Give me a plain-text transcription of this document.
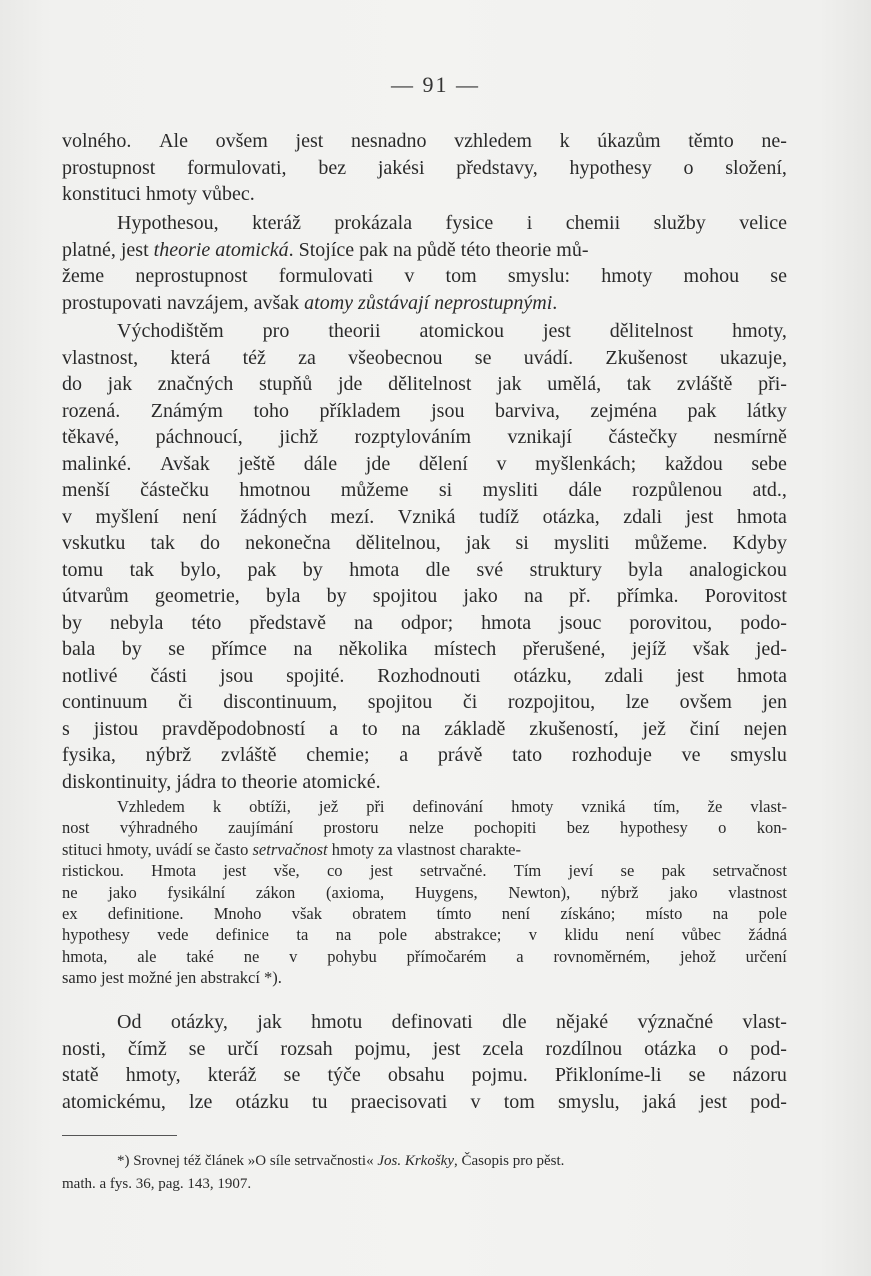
— 91 —
volného. Ale ovšem jest nesnadno vzhledem k úkazům těmto ne-
prostupnost formulovati, bez jakési představy, hypothesy o složení,
konstituci hmoty vůbec.
Hypothesou, kteráž prokázala fysice i chemii služby velice
platné, jest theorie atomická. Stojíce pak na půdě této theorie mů-
žeme neprostupnost formulovati v tom smyslu: hmoty mohou se
prostupovati navzájem, avšak atomy zůstávají neprostupnými.
Východištěm pro theorii atomickou jest dělitelnost hmoty,
vlastnost, která též za všeobecnou se uvádí. Zkušenost ukazuje,
do jak značných stupňů jde dělitelnost jak umělá, tak zvláště při-
rozená. Známým toho příkladem jsou barviva, zejména pak látky
těkavé, páchnoucí, jichž rozptylováním vznikají částečky nesmírně
malinké. Avšak ještě dále jde dělení v myšlenkách; každou sebe
menší částečku hmotnou můžeme si mysliti dále rozpůlenou atd.,
v myšlení není žádných mezí. Vzniká tudíž otázka, zdali jest hmota
vskutku tak do nekonečna dělitelnou, jak si mysliti můžeme. Kdyby
tomu tak bylo, pak by hmota dle své struktury byla analogickou
útvarům geometrie, byla by spojitou jako na př. přímka. Porovitost
by nebyla této představě na odpor; hmota jsouc porovitou, podo-
bala by se přímce na několika místech přerušené, jejíž však jed-
notlivé části jsou spojité. Rozhodnouti otázku, zdali jest hmota
continuum či discontinuum, spojitou či rozpojitou, lze ovšem jen
s jistou pravděpodobností a to na základě zkušeností, jež činí nejen
fysika, nýbrž zvláště chemie; a právě tato rozhoduje ve smyslu
diskontinuity, jádra to theorie atomické.
Vzhledem k obtíži, jež při definování hmoty vzniká tím, že vlast-
nost výhradného zaujímání prostoru nelze pochopiti bez hypothesy o kon-
stituci hmoty, uvádí se často setrvačnost hmoty za vlastnost charakte-
ristickou. Hmota jest vše, co jest setrvačné. Tím jeví se pak setrvačnost
ne jako fysikální zákon (axioma, Huygens, Newton), nýbrž jako vlastnost
ex definitione. Mnoho však obratem tímto není získáno; místo na pole
hypothesy vede definice ta na pole abstrakce; v klidu není vůbec žádná
hmota, ale také ne v pohybu přímočarém a rovnoměrném, jehož určení
samo jest možné jen abstrakcí *).
Od otázky, jak hmotu definovati dle nějaké význačné vlast-
nosti, čímž se určí rozsah pojmu, jest zcela rozdílnou otázka o pod-
statě hmoty, kteráž se týče obsahu pojmu. Přikloníme-li se názoru
atomickému, lze otázku tu praecisovati v tom smyslu, jaká jest pod-
*) Srovnej též článek »O síle setrvačnosti« Jos. Krkošky, Časopis pro pěst.
math. a fys. 36, pag. 143, 1907.
